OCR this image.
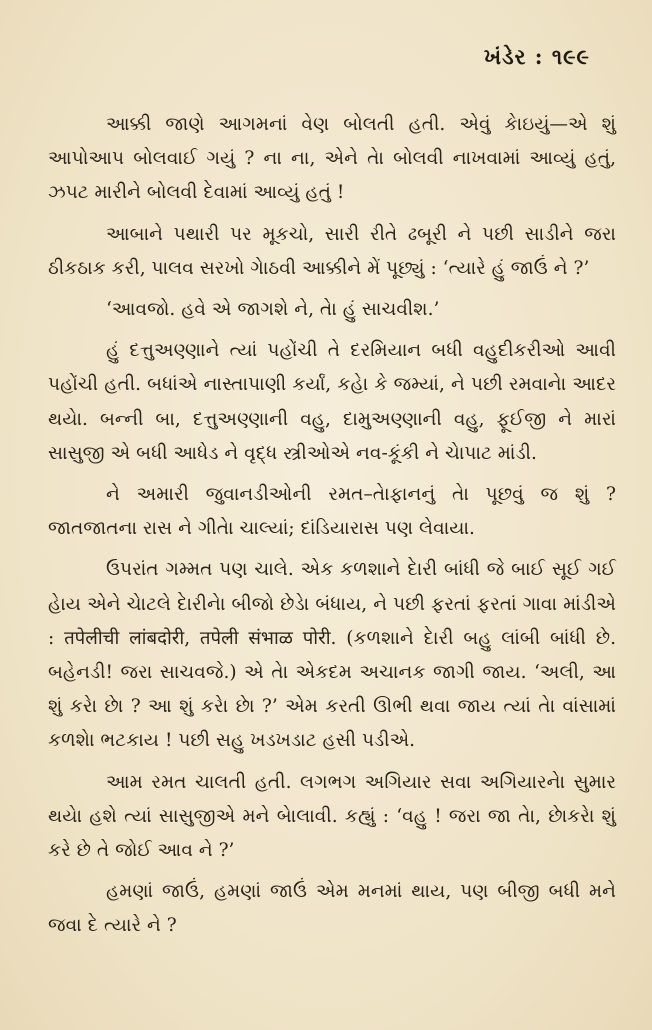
ખંડેર : ૧૯૯

આક્કી જાણે આગમનાં વેણ બોલતી હતી. એવું કેાઇયું—એ શું આપોઆપ બોલવાઈ ગયું ? ના ના, એને તેા બોલવી નાખવામાં આવ્યું હતું, ઝપટ મારીને બોલવી દેવામાં આવ્યું હતું !

આબાને પથારી પર મૂકચો, સારી રીતે ઢબૂરી ને પછી સાડીને જરા ઠીકઠાક કરી, પાલવ સરખો ગેાઠવી આક્કીને મેં પૂછ્યું : ‘ત્યારે હું જાઉં ને ?’

‘આવજો. હવે એ જાગશે ને, તેા હું સાચવીશ.’

હું દત્તુઅણ્ણાને ત્યાં પહોંચી તે દરમિયાન બધી વહુદીકરીઓ આવી પહોંચી હતી. બધાંએ નાસ્તાપાણી કર્યાં, કહેા કે જમ્યાં, ને પછી રમવાનેા આદર થયેા. બન્ની બા, દત્તુઅણ્ણાની વહુ, દામુઅણ્ણાની વહુ, ફૂઈજી ને મારાં સાસુજી એ બધી આધેડ ને વૃદ્ધ સ્ત્રીઓએ નવ-કૂંકી ને ચેાપાટ માંડી.

ને અમારી જુવાનડીઓની રમત–તેાફાનનું તેા પૂછવું જ શું ? જાતજાતના રાસ ને ગીતેા ચાલ્યાં; દાંડિયારાસ પણ લેવાયા.

ઉપરાંત ગમ્મત પણ ચાલે. એક કળશાને દેારી બાંધી જે બાઈ સૂઈ ગઈ હેાય એને ચેાટલે દેારીનેા બીજો છેડેા બંધાય, ને પછી ફરતાં ફરતાં ગાવા માંડીએ : तपेलीची लांबदोरी, तपेली संभाळ पोरी. (કળશાને દેારી બહુ લાંબી બાંધી છે. બહેનડી! જરા સાચવજે.) એ તેા એકદમ અચાનક જાગી જાય. ‘અલી, આ શું કરેા છેા ? આ શું કરેા છેા ?’ એમ કરતી ઊભી થવા જાય ત્યાં તેા વાંસામાં કળશેા ભટકાય ! પછી સહુ ખડખડાટ હસી પડીએ.

આમ રમત ચાલતી હતી. લગભગ અગિયાર સવા અગિયારનેા સુમાર થયેા હશે ત્યાં સાસુજીએ મને બેાલાવી. કહ્યું : ‘વહુ ! જરા જા તેા, છેાકરેા શું કરે છે તે જોઈ આવ ને ?’

હમણાં જાઉં, હમણાં જાઉં એમ મનમાં થાય, પણ બીજી બધી મને જવા દે ત્યારે ને ?
